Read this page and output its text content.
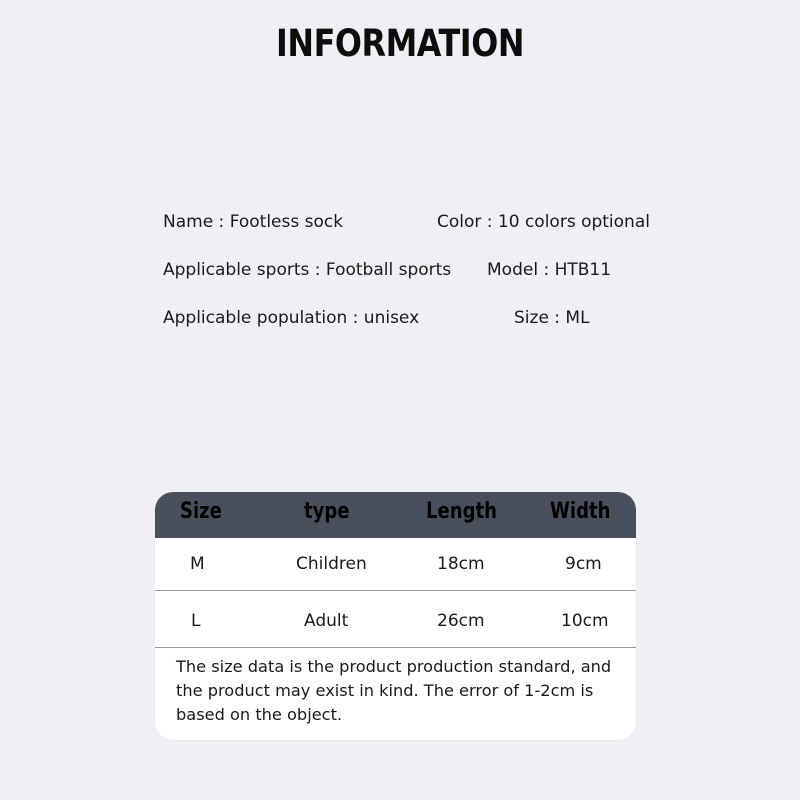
INFORMATION
Name : Footless sock	Color : 10 colors optional
Applicable sports : Football sports Model : HTB11
Applicable population : unisex	Size : ML
Size	type	Length Width
M	Children	18cm	9cm
L	Adult	26cm	10cm
The size data is the product production standard, and the product may exist in kind. The error of 1-2cm is based on the object.
